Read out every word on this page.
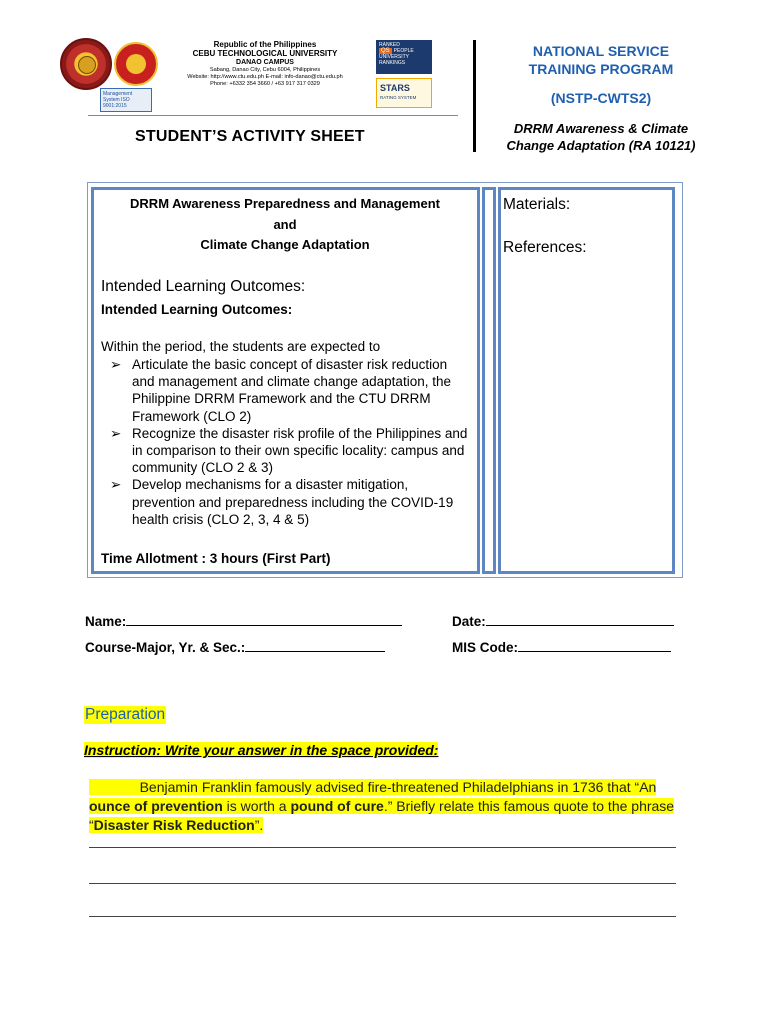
Management System ISO 9001:2015
Republic of the Philippines
CEBU TECHNOLOGICAL UNIVERSITY
DANAO CAMPUS
Sabang, Danao City, Cebu 6004, Philippines
Website: http://www.ctu.edu.ph E-mail: info-danao@ctu.edu.ph
Phone: +6332 354 3660 / +63 917 317 0329
RANKED
QS PEOPLE UNIVERSITY RANKINGS
STARS
RATING SYSTEM
STUDENT’S ACTIVITY SHEET
NATIONAL SERVICE
TRAINING PROGRAM
(NSTP-CWTS2)
DRRM Awareness & Climate
Change Adaptation (RA 10121)
DRRM Awareness Preparedness and Management
and
Climate Change Adaptation
Intended Learning Outcomes:
Intended Learning Outcomes:
Within the period, the students are expected to
➢ Articulate the basic concept of disaster risk reduction and management and climate change adaptation, the Philippine DRRM Framework and the CTU DRRM Framework (CLO 2)
➢ Recognize the disaster risk profile of the Philippines and in comparison to their own specific locality: campus and community (CLO 2 & 3)
➢ Develop mechanisms for a disaster mitigation, prevention and preparedness including the COVID-19 health crisis (CLO 2, 3, 4 & 5)
Time Allotment : 3 hours (First Part)
Materials:
References:
Name:	Date:
Course-Major, Yr. & Sec.:	MIS Code:
Preparation
Instruction: Write your answer in the space provided:
Benjamin Franklin famously advised fire-threatened Philadelphians in 1736 that “An ounce of prevention is worth a pound of cure.” Briefly relate this famous quote to the phrase “Disaster Risk Reduction”.
